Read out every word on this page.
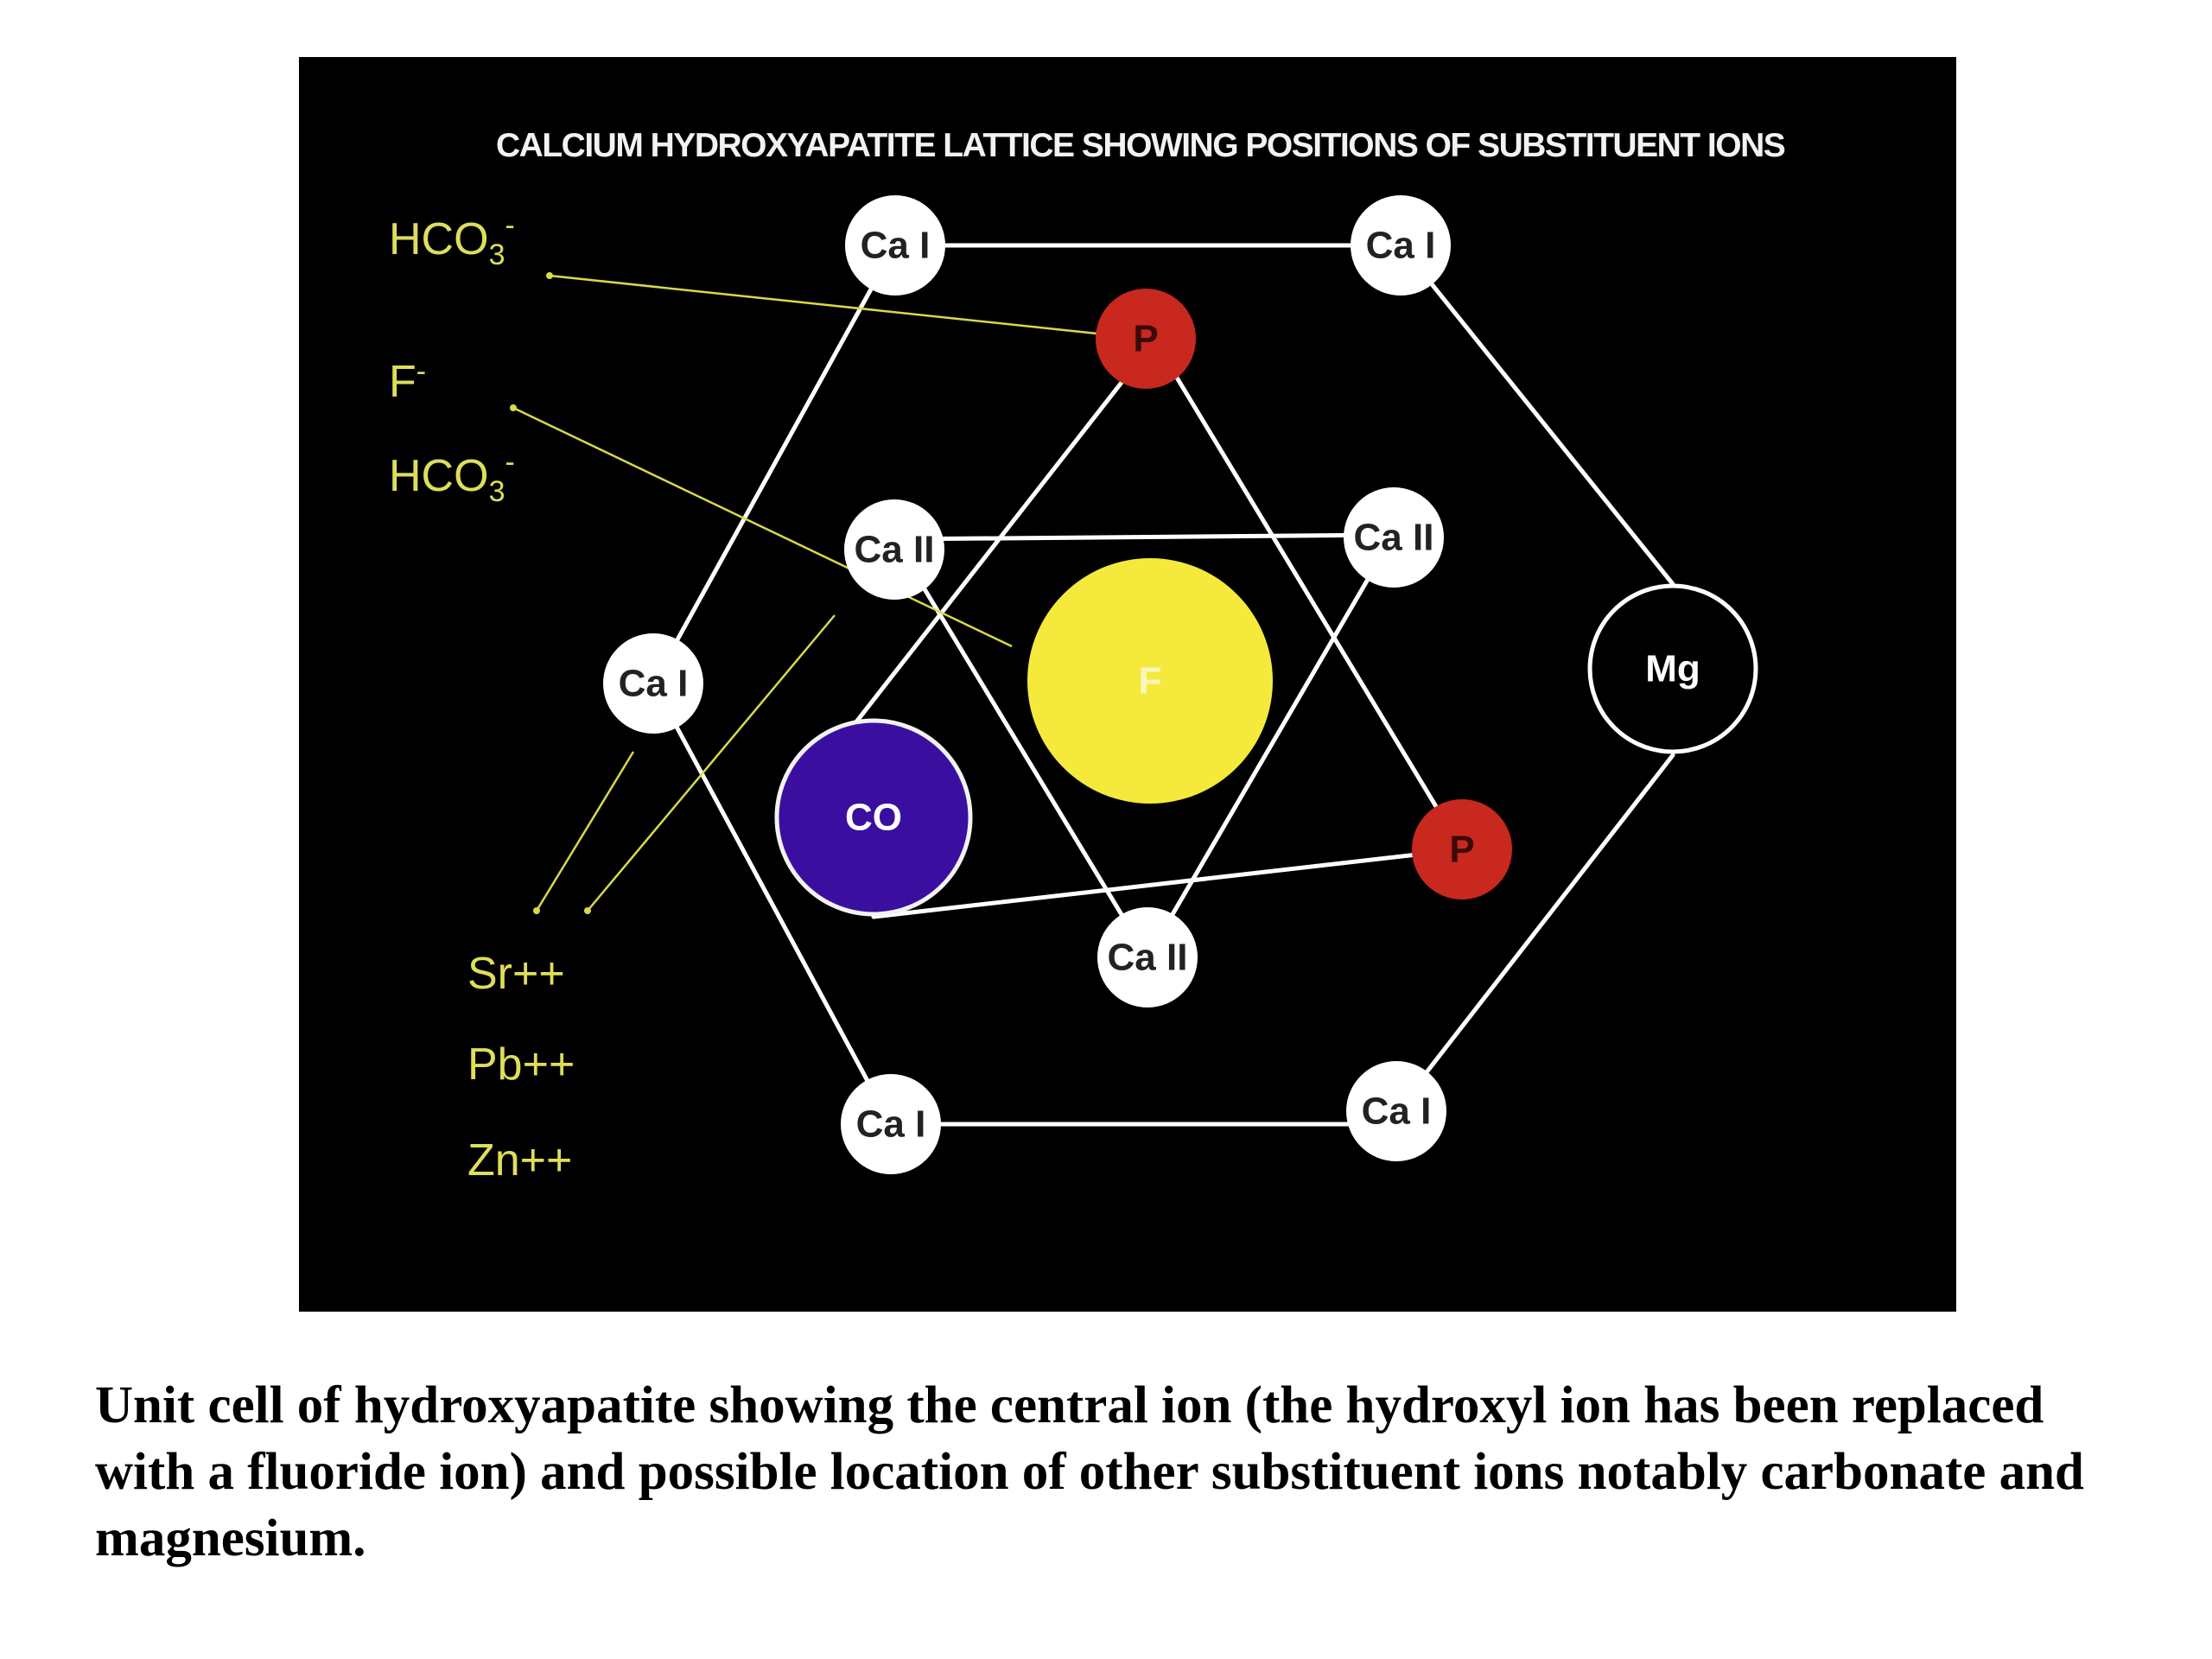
CALCIUM HYDROXYAPATITE LATTICE SHOWING POSITIONS OF SUBSTITUENT IONS
$HCO_3^-$
F-
$HCO_3^-$
Sr++
Pb++
Zn++
Ca I	Ca I
Ca I
Ca I	Ca I
Ca II	Ca II
Ca II
P
P
F
CO
Mg

Unit cell of hydroxyapatite showing the central ion (the hydroxyl ion has been replaced with a fluoride ion) and possible location of other substituent ions notably carbonate and magnesium.
